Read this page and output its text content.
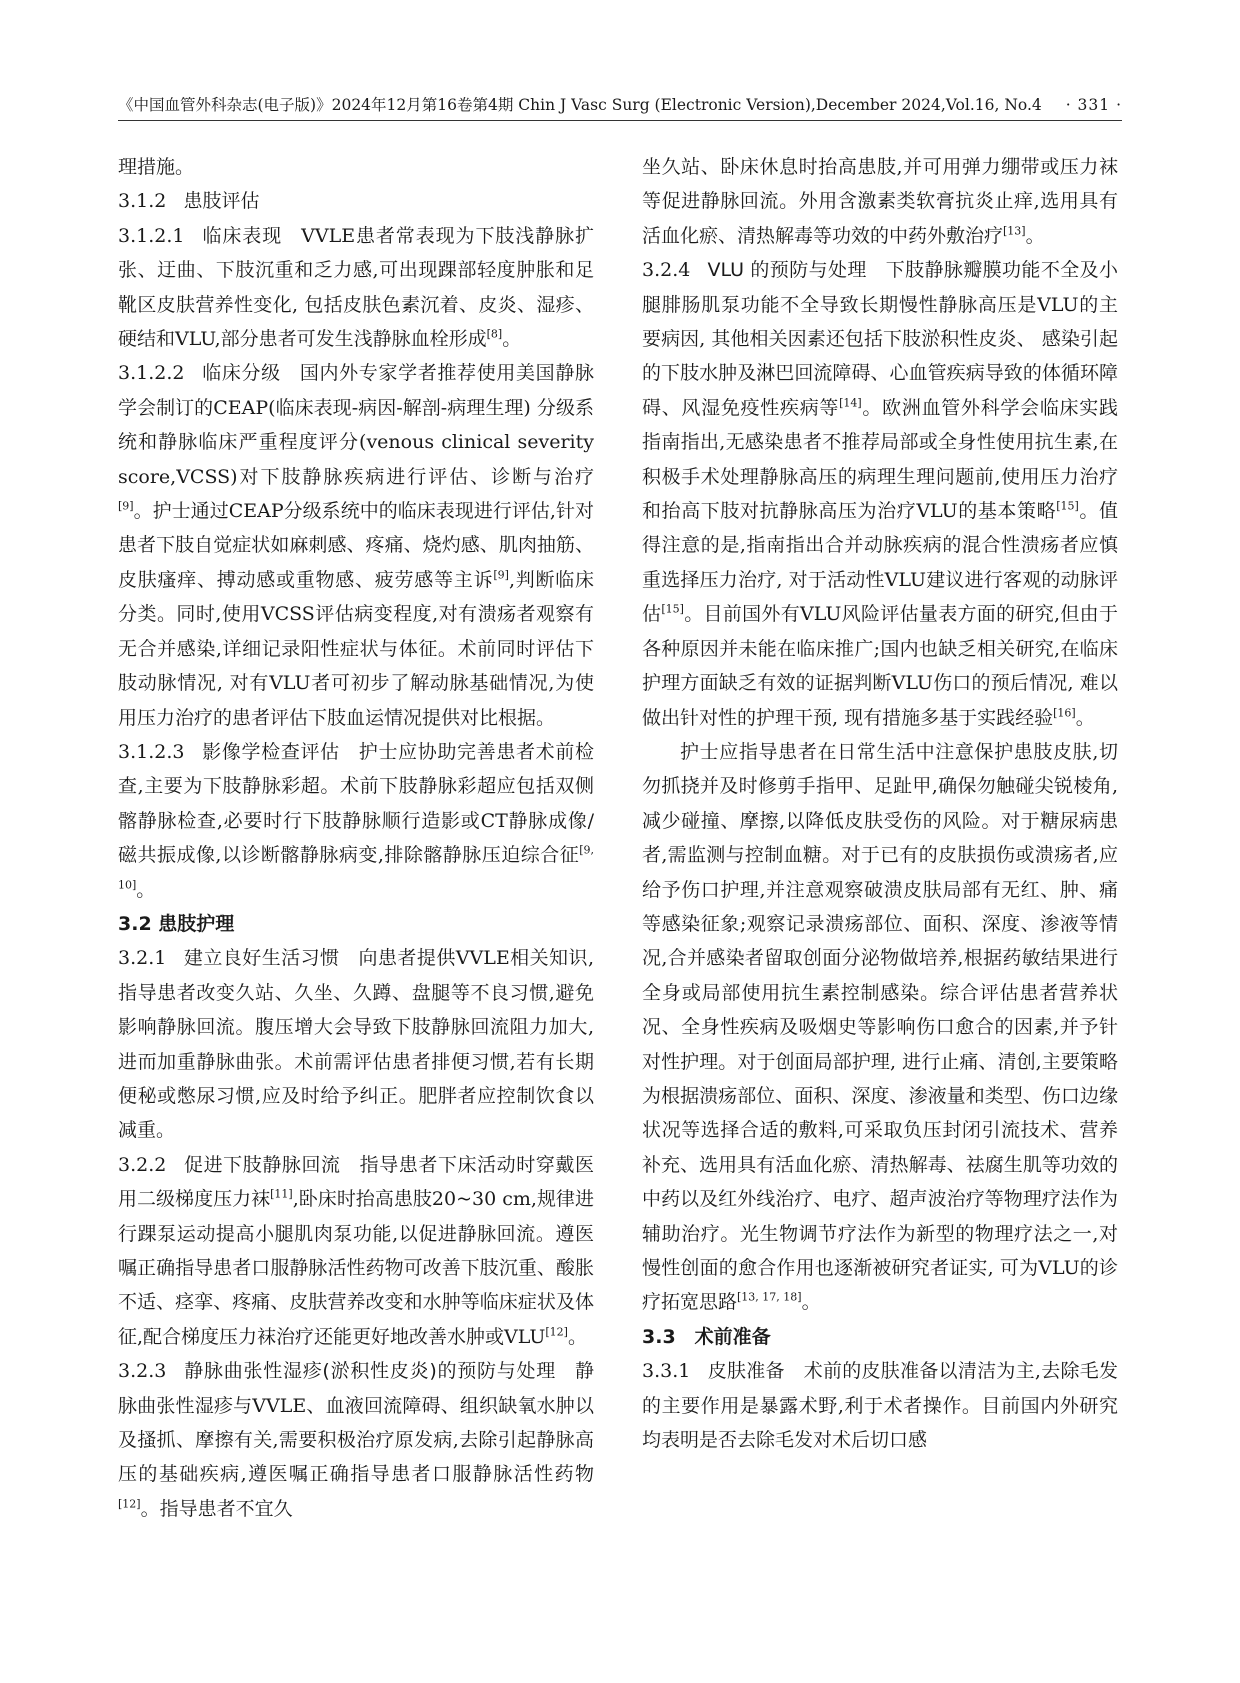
《中国血管外科杂志(电子版)》2024年12月第16卷第4期 Chin J Vasc Surg (Electronic Version),December 2024,Vol.16, No.4 · 331 ·

理措施。

3.1.2 患肢评估

3.1.2.1 临床表现 VVLE患者常表现为下肢浅静脉扩张、迂曲、下肢沉重和乏力感,可出现踝部轻度肿胀和足靴区皮肤营养性变化, 包括皮肤色素沉着、皮炎、湿疹、硬结和VLU,部分患者可发生浅静脉血栓形成[8]。

3.1.2.2 临床分级 国内外专家学者推荐使用美国静脉学会制订的CEAP(临床表现-病因-解剖-病理生理) 分级系统和静脉临床严重程度评分(venous clinical severity score,VCSS)对下肢静脉疾病进行评估、诊断与治疗[9]。护士通过CEAP分级系统中的临床表现进行评估,针对患者下肢自觉症状如麻刺感、疼痛、烧灼感、肌肉抽筋、皮肤瘙痒、搏动感或重物感、疲劳感等主诉[9],判断临床分类。同时,使用VCSS评估病变程度,对有溃疡者观察有无合并感染,详细记录阳性症状与体征。术前同时评估下肢动脉情况, 对有VLU者可初步了解动脉基础情况,为使用压力治疗的患者评估下肢血运情况提供对比根据。

3.1.2.3 影像学检查评估 护士应协助完善患者术前检查,主要为下肢静脉彩超。术前下肢静脉彩超应包括双侧髂静脉检查,必要时行下肢静脉顺行造影或CT静脉成像/磁共振成像,以诊断髂静脉病变,排除髂静脉压迫综合征[9, 10]。

3.2 患肢护理

3.2.1 建立良好生活习惯 向患者提供VVLE相关知识,指导患者改变久站、久坐、久蹲、盘腿等不良习惯,避免影响静脉回流。腹压增大会导致下肢静脉回流阻力加大,进而加重静脉曲张。术前需评估患者排便习惯,若有长期便秘或憋尿习惯,应及时给予纠正。肥胖者应控制饮食以减重。

3.2.2 促进下肢静脉回流 指导患者下床活动时穿戴医用二级梯度压力袜[11],卧床时抬高患肢20~30 cm,规律进行踝泵运动提高小腿肌肉泵功能,以促进静脉回流。遵医嘱正确指导患者口服静脉活性药物可改善下肢沉重、酸胀不适、痉挛、疼痛、皮肤营养改变和水肿等临床症状及体征,配合梯度压力袜治疗还能更好地改善水肿或VLU[12]。

3.2.3 静脉曲张性湿疹(淤积性皮炎)的预防与处理 静脉曲张性湿疹与VVLE、血液回流障碍、组织缺氧水肿以及搔抓、摩擦有关,需要积极治疗原发病,去除引起静脉高压的基础疾病,遵医嘱正确指导患者口服静脉活性药物[12]。指导患者不宜久

坐久站、卧床休息时抬高患肢,并可用弹力绷带或压力袜等促进静脉回流。外用含激素类软膏抗炎止痒,选用具有活血化瘀、清热解毒等功效的中药外敷治疗[13]。

3.2.4 VLU 的预防与处理 下肢静脉瓣膜功能不全及小腿腓肠肌泵功能不全导致长期慢性静脉高压是VLU的主要病因, 其他相关因素还包括下肢淤积性皮炎、 感染引起的下肢水肿及淋巴回流障碍、心血管疾病导致的体循环障碍、风湿免疫性疾病等[14]。欧洲血管外科学会临床实践指南指出,无感染患者不推荐局部或全身性使用抗生素,在积极手术处理静脉高压的病理生理问题前,使用压力治疗和抬高下肢对抗静脉高压为治疗VLU的基本策略[15]。值得注意的是,指南指出合并动脉疾病的混合性溃疡者应慎重选择压力治疗, 对于活动性VLU建议进行客观的动脉评估[15]。目前国外有VLU风险评估量表方面的研究,但由于各种原因并未能在临床推广;国内也缺乏相关研究,在临床护理方面缺乏有效的证据判断VLU伤口的预后情况, 难以做出针对性的护理干预, 现有措施多基于实践经验[16]。

护士应指导患者在日常生活中注意保护患肢皮肤,切勿抓挠并及时修剪手指甲、足趾甲,确保勿触碰尖锐棱角,减少碰撞、摩擦,以降低皮肤受伤的风险。对于糖尿病患者,需监测与控制血糖。对于已有的皮肤损伤或溃疡者,应给予伤口护理,并注意观察破溃皮肤局部有无红、肿、痛等感染征象;观察记录溃疡部位、面积、深度、渗液等情况,合并感染者留取创面分泌物做培养,根据药敏结果进行全身或局部使用抗生素控制感染。综合评估患者营养状况、全身性疾病及吸烟史等影响伤口愈合的因素,并予针对性护理。对于创面局部护理, 进行止痛、清创,主要策略为根据溃疡部位、面积、深度、渗液量和类型、伤口边缘状况等选择合适的敷料,可采取负压封闭引流技术、营养补充、选用具有活血化瘀、清热解毒、祛腐生肌等功效的中药以及红外线治疗、电疗、超声波治疗等物理疗法作为辅助治疗。光生物调节疗法作为新型的物理疗法之一,对慢性创面的愈合作用也逐渐被研究者证实, 可为VLU的诊疗拓宽思路[13, 17, 18]。

3.3　术前准备

3.3.1 皮肤准备 术前的皮肤准备以清洁为主,去除毛发的主要作用是暴露术野,利于术者操作。目前国内外研究均表明是否去除毛发对术后切口感
